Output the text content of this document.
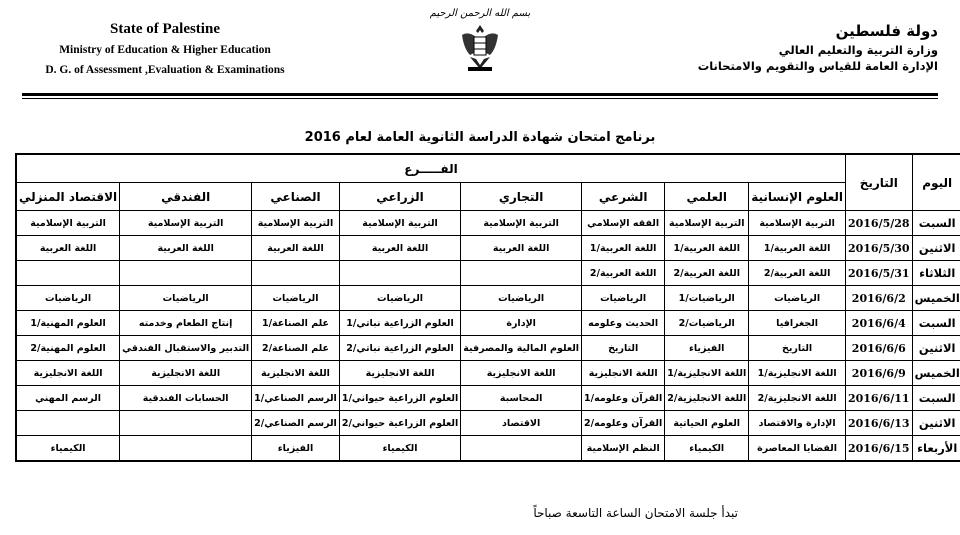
State of Palestine
Ministry of Education & Higher Education
D. G. of Assessment ,Evaluation & Examinations
بسم الله الرحمن الرحيم
دولة فلسطين
وزارة التربية والتعليم العالي
الإدارة العامة للقياس والتقويم والامتحانات
برنامج امتحان شهادة الدراسة الثانوية العامة لعام 2016
اليوم	التاريخ	الفـــــرع							
		العلوم الإنسانية	العلمي	الشرعي	التجاري	الزراعي	الصناعي	الفندقي	الاقتصاد المنزلي
السبت	2016/5/28	التربية الإسلامية	التربية الإسلامية	الفقه الإسلامي	التربية الإسلامية	التربية الإسلامية	التربية الإسلامية	التربية الإسلامية	التربية الإسلامية
الاثنين	2016/5/30	اللغة العربية/1	اللغة العربية/1	اللغة العربية/1	اللغة العربية	اللغة العربية	اللغة العربية	اللغة العربية	اللغة العربية
الثلاثاء	2016/5/31	اللغة العربية/2	اللغة العربية/2	اللغة العربية/2					
الخميس	2016/6/2	الرياضيات	الرياضيات/1	الرياضيات	الرياضيات	الرياضيات	الرياضيات	الرياضيات	الرياضيات
السبت	2016/6/4	الجغرافيا	الرياضيات/2	الحديث وعلومه	الإدارة	العلوم الزراعية نباتي/1	علم الصناعة/1	إنتاج الطعام وخدمته	العلوم المهنية/1
الاثنين	2016/6/6	التاريخ	الفيزياء	التاريخ	العلوم المالية والمصرفية	العلوم الزراعية نباتي/2	علم الصناعة/2	التدبير والاستقبال الفندقي	العلوم المهنية/2
الخميس	2016/6/9	اللغة الانجليزية/1	اللغة الانجليزية/1	اللغة الانجليزية	اللغة الانجليزية	اللغة الانجليزية	اللغة الانجليزية	اللغة الانجليزية	اللغة الانجليزية
السبت	2016/6/11	اللغة الانجليزية/2	اللغة الانجليزية/2	القرآن وعلومه/1	المحاسبة	العلوم الزراعية حيواني/1	الرسم الصناعي/1	الحسابات الفندقية	الرسم المهني
الاثنين	2016/6/13	الإدارة والاقتصاد	العلوم الحياتية	القرآن وعلومه/2	الاقتصاد	العلوم الزراعية حيواني/2	الرسم الصناعي/2		
الأربعاء	2016/6/15	القضايا المعاصرة	الكيمياء	النظم الإسلامية		الكيمياء	الفيزياء		الكيمياء
تبدأ جلسة الامتحان الساعة التاسعة صباحاً
